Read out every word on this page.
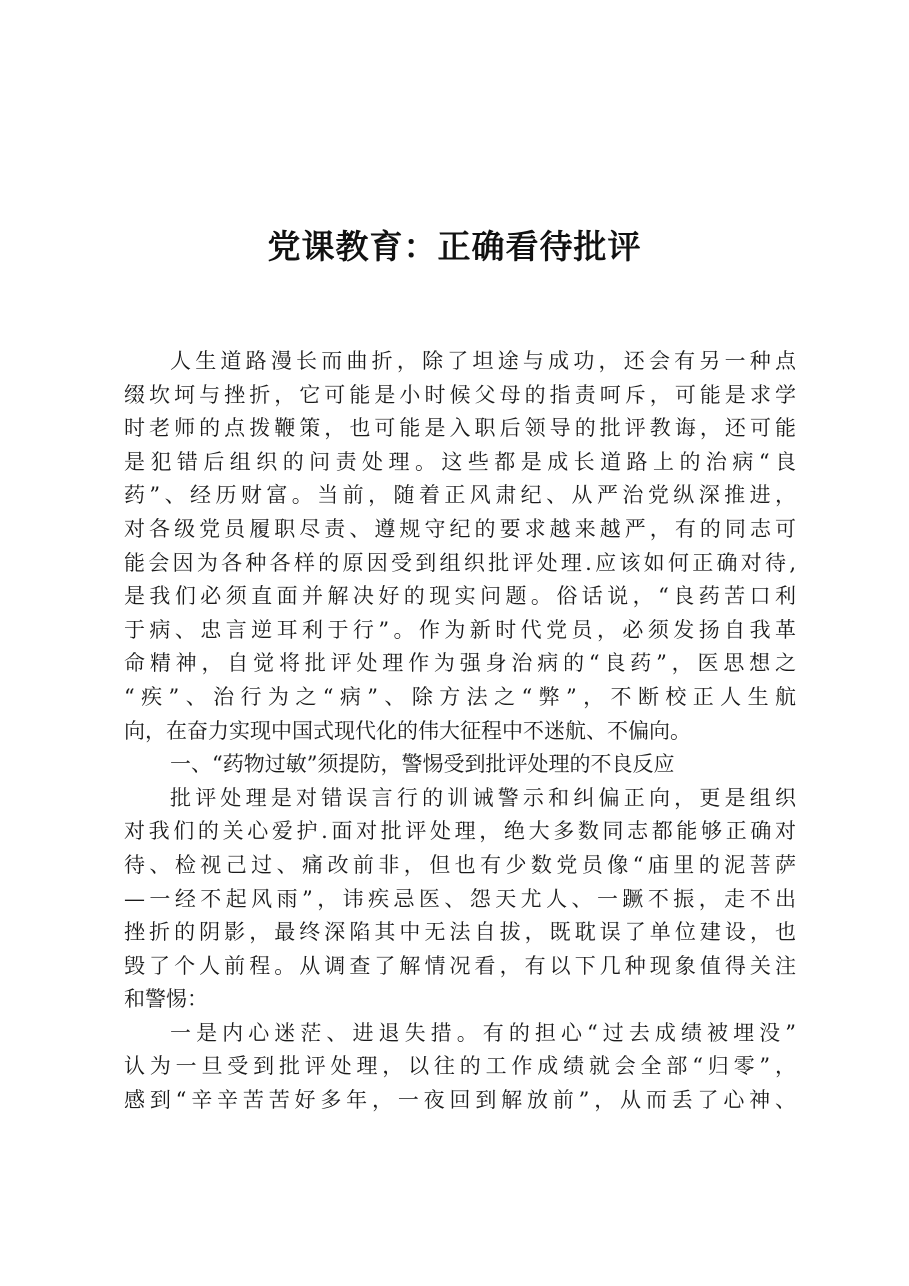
党课教育：正确看待批评
人生道路漫长而曲折，除了坦途与成功，还会有另一种点
缀坎坷与挫折，它可能是小时候父母的指责呵斥，可能是求学
时老师的点拨鞭策，也可能是入职后领导的批评教诲，还可能
是犯错后组织的问责处理。这些都是成长道路上的治病“良
药”、经历财富。当前，随着正风肃纪、从严治党纵深推进，
对各级党员履职尽责、遵规守纪的要求越来越严，有的同志可
能会因为各种各样的原因受到组织批评处理.应该如何正确对待,
是我们必须直面并解决好的现实问题。俗话说，“良药苦口利
于病、忠言逆耳利于行”。作为新时代党员，必须发扬自我革
命精神，自觉将批评处理作为强身治病的“良药”，医思想之
“疾”、治行为之“病”、除方法之“弊”，不断校正人生航
向，在奋力实现中国式现代化的伟大征程中不迷航、不偏向。
一、“药物过敏”须提防，警惕受到批评处理的不良反应
批评处理是对错误言行的训诫警示和纠偏正向，更是组织
对我们的关心爱护.面对批评处理，绝大多数同志都能够正确对
待、检视己过、痛改前非，但也有少数党员像“庙里的泥菩萨
—一经不起风雨”，讳疾忌医、怨天尤人、一蹶不振，走不出
挫折的阴影，最终深陷其中无法自拔，既耽误了单位建设，也
毁了个人前程。从调查了解情况看，有以下几种现象值得关注
和警惕：
一是内心迷茫、进退失措。有的担心“过去成绩被埋没”
认为一旦受到批评处理，以往的工作成绩就会全部“归零”，
感到“辛辛苦苦好多年，一夜回到解放前”，从而丢了心神、
